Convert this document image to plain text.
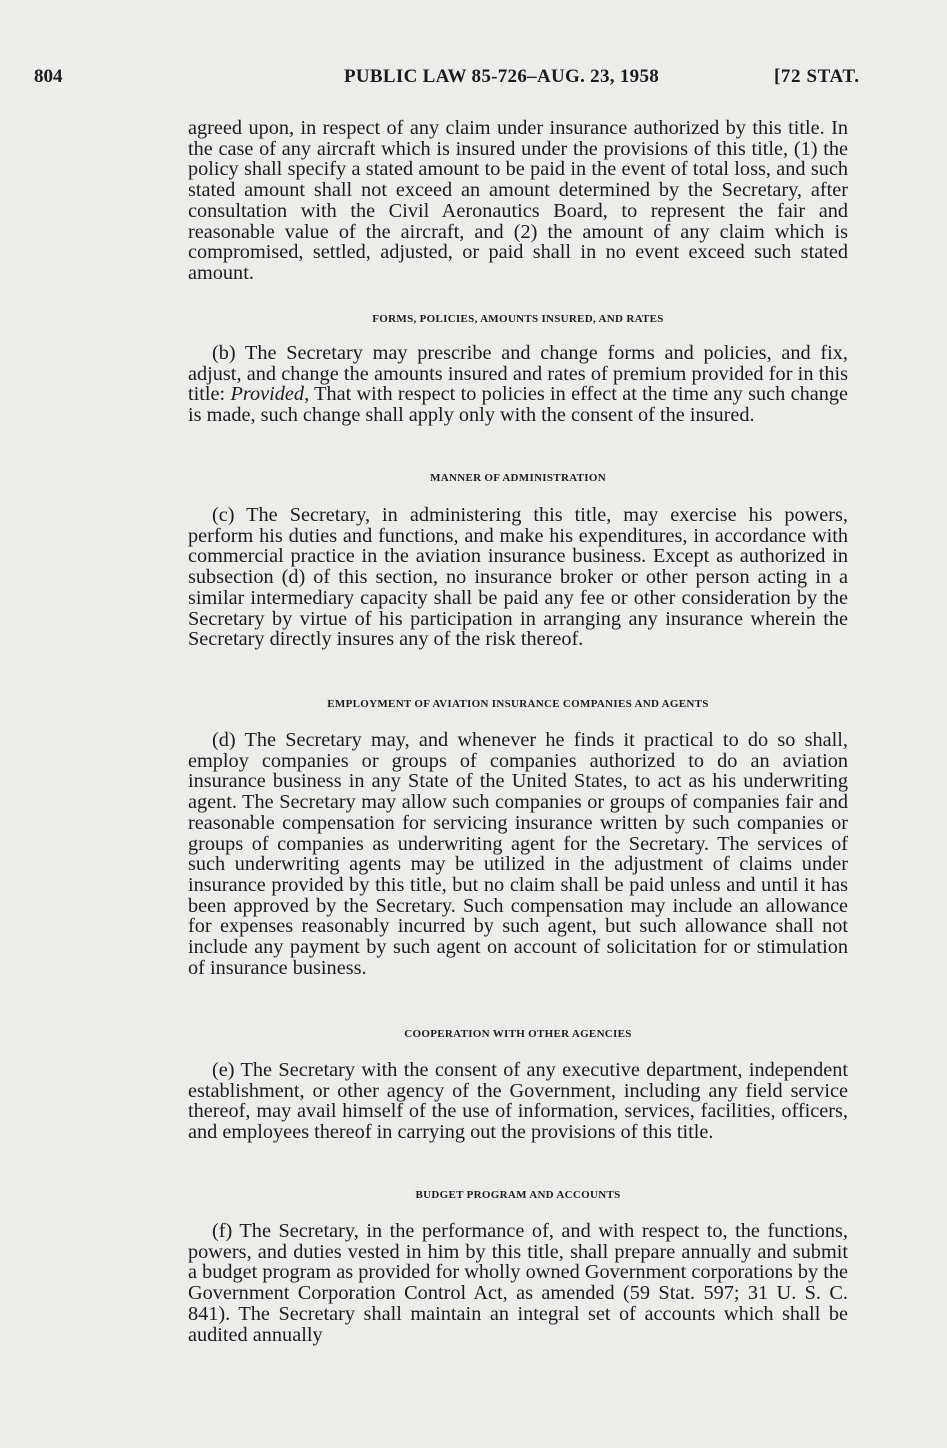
804	PUBLIC LAW 85-726–AUG. 23, 1958	[72 STAT.

agreed upon, in respect of any claim under insurance authorized by this title. In the case of any aircraft which is insured under the provisions of this title, (1) the policy shall specify a stated amount to be paid in the event of total loss, and such stated amount shall not exceed an amount determined by the Secretary, after consultation with the Civil Aeronautics Board, to represent the fair and reasonable value of the aircraft, and (2) the amount of any claim which is compromised, settled, adjusted, or paid shall in no event exceed such stated amount.

FORMS, POLICIES, AMOUNTS INSURED, AND RATES

(b) The Secretary may prescribe and change forms and policies, and fix, adjust, and change the amounts insured and rates of premium provided for in this title: Provided, That with respect to policies in effect at the time any such change is made, such change shall apply only with the consent of the insured.

MANNER OF ADMINISTRATION

(c) The Secretary, in administering this title, may exercise his powers, perform his duties and functions, and make his expenditures, in accordance with commercial practice in the aviation insurance business. Except as authorized in subsection (d) of this section, no insurance broker or other person acting in a similar intermediary capacity shall be paid any fee or other consideration by the Secretary by virtue of his participation in arranging any insurance wherein the Secretary directly insures any of the risk thereof.

EMPLOYMENT OF AVIATION INSURANCE COMPANIES AND AGENTS

(d) The Secretary may, and whenever he finds it practical to do so shall, employ companies or groups of companies authorized to do an aviation insurance business in any State of the United States, to act as his underwriting agent. The Secretary may allow such companies or groups of companies fair and reasonable compensation for servicing insurance written by such companies or groups of companies as underwriting agent for the Secretary. The services of such underwriting agents may be utilized in the adjustment of claims under insurance provided by this title, but no claim shall be paid unless and until it has been approved by the Secretary. Such compensation may include an allowance for expenses reasonably incurred by such agent, but such allowance shall not include any payment by such agent on account of solicitation for or stimulation of insurance business.

COOPERATION WITH OTHER AGENCIES

(e) The Secretary with the consent of any executive department, independent establishment, or other agency of the Government, including any field service thereof, may avail himself of the use of information, services, facilities, officers, and employees thereof in carrying out the provisions of this title.

BUDGET PROGRAM AND ACCOUNTS

(f) The Secretary, in the performance of, and with respect to, the functions, powers, and duties vested in him by this title, shall prepare annually and submit a budget program as provided for wholly owned Government corporations by the Government Corporation Control Act, as amended (59 Stat. 597; 31 U. S. C. 841). The Secretary shall maintain an integral set of accounts which shall be audited annually
